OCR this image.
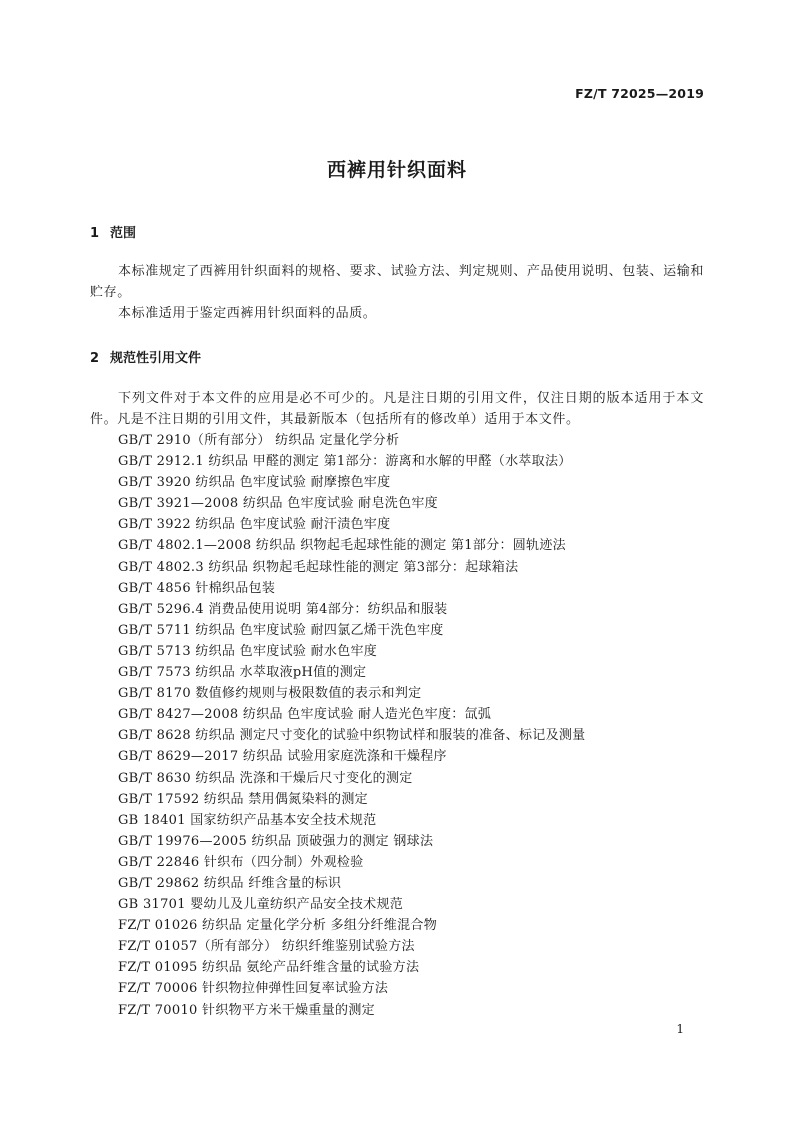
FZ/T 72025—2019
西裤用针织面料
1 范围
本标准规定了西裤用针织面料的规格、要求、试验方法、判定规则、产品使用说明、包装、运输和贮存。
本标准适用于鉴定西裤用针织面料的品质。
2 规范性引用文件
下列文件对于本文件的应用是必不可少的。凡是注日期的引用文件，仅注日期的版本适用于本文件。凡是不注日期的引用文件，其最新版本（包括所有的修改单）适用于本文件。
GB/T 2910（所有部分） 纺织品 定量化学分析
GB/T 2912.1 纺织品 甲醛的测定 第1部分：游离和水解的甲醛（水萃取法）
GB/T 3920 纺织品 色牢度试验 耐摩擦色牢度
GB/T 3921—2008 纺织品 色牢度试验 耐皂洗色牢度
GB/T 3922 纺织品 色牢度试验 耐汗渍色牢度
GB/T 4802.1—2008 纺织品 织物起毛起球性能的测定 第1部分：圆轨迹法
GB/T 4802.3 纺织品 织物起毛起球性能的测定 第3部分：起球箱法
GB/T 4856 针棉织品包装
GB/T 5296.4 消费品使用说明 第4部分：纺织品和服装
GB/T 5711 纺织品 色牢度试验 耐四氯乙烯干洗色牢度
GB/T 5713 纺织品 色牢度试验 耐水色牢度
GB/T 7573 纺织品 水萃取液pH值的测定
GB/T 8170 数值修约规则与极限数值的表示和判定
GB/T 8427—2008 纺织品 色牢度试验 耐人造光色牢度：氙弧
GB/T 8628 纺织品 测定尺寸变化的试验中织物试样和服装的准备、标记及测量
GB/T 8629—2017 纺织品 试验用家庭洗涤和干燥程序
GB/T 8630 纺织品 洗涤和干燥后尺寸变化的测定
GB/T 17592 纺织品 禁用偶氮染料的测定
GB 18401 国家纺织产品基本安全技术规范
GB/T 19976—2005 纺织品 顶破强力的测定 钢球法
GB/T 22846 针织布（四分制）外观检验
GB/T 29862 纺织品 纤维含量的标识
GB 31701 婴幼儿及儿童纺织产品安全技术规范
FZ/T 01026 纺织品 定量化学分析 多组分纤维混合物
FZ/T 01057（所有部分） 纺织纤维鉴别试验方法
FZ/T 01095 纺织品 氨纶产品纤维含量的试验方法
FZ/T 70006 针织物拉伸弹性回复率试验方法
FZ/T 70010 针织物平方米干燥重量的测定
1
